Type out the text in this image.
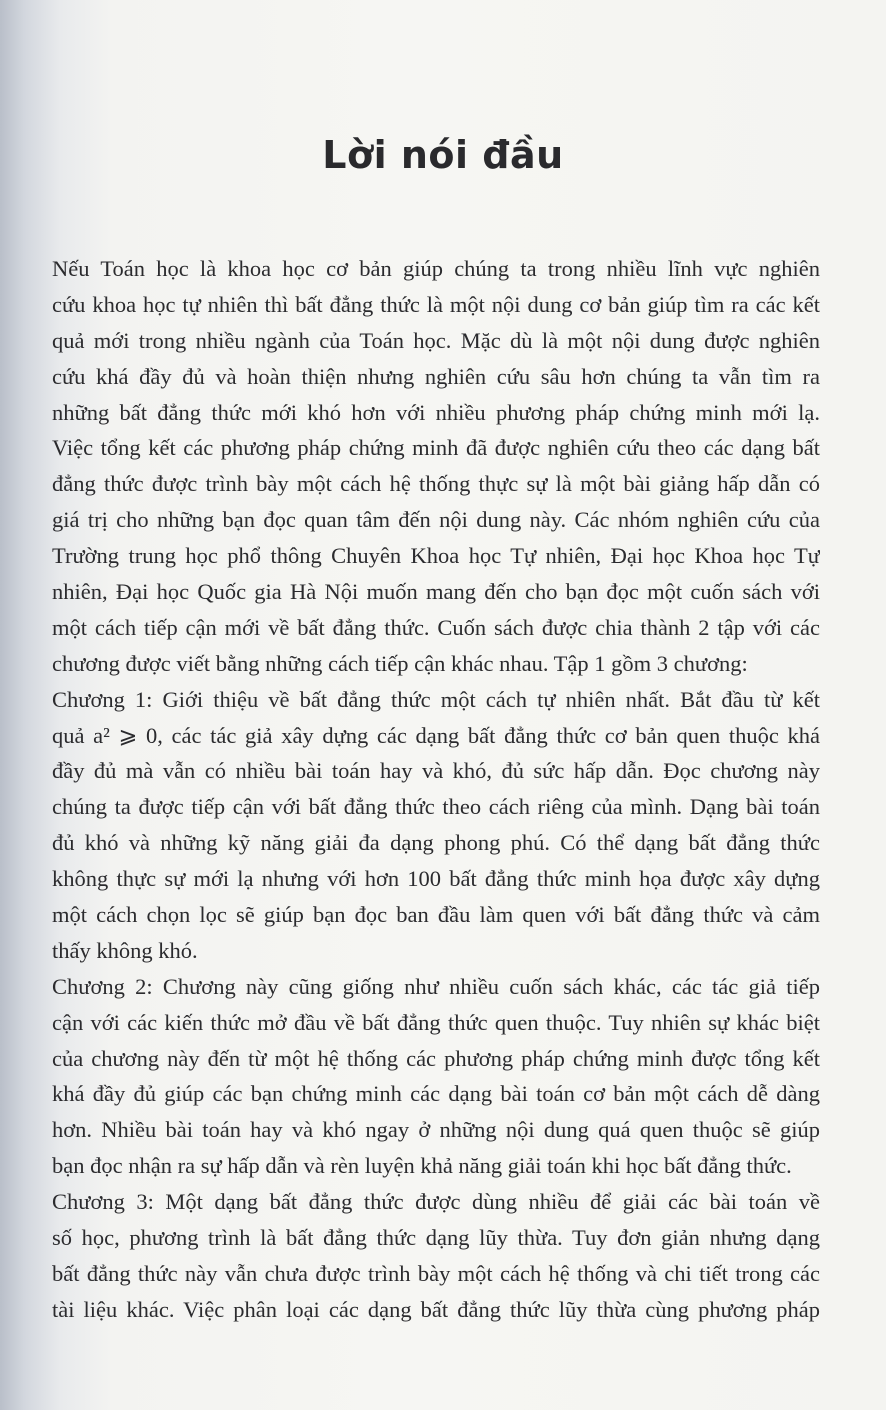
Lời nói đầu
Nếu Toán học là khoa học cơ bản giúp chúng ta trong nhiều lĩnh vực nghiên
cứu khoa học tự nhiên thì bất đẳng thức là một nội dung cơ bản giúp tìm ra các kết
quả mới trong nhiều ngành của Toán học. Mặc dù là một nội dung được nghiên
cứu khá đầy đủ và hoàn thiện nhưng nghiên cứu sâu hơn chúng ta vẫn tìm ra
những bất đẳng thức mới khó hơn với nhiều phương pháp chứng minh mới lạ.
Việc tổng kết các phương pháp chứng minh đã được nghiên cứu theo các dạng bất
đẳng thức được trình bày một cách hệ thống thực sự là một bài giảng hấp dẫn có
giá trị cho những bạn đọc quan tâm đến nội dung này. Các nhóm nghiên cứu của
Trường trung học phổ thông Chuyên Khoa học Tự nhiên, Đại học Khoa học Tự
nhiên, Đại học Quốc gia Hà Nội muốn mang đến cho bạn đọc một cuốn sách với
một cách tiếp cận mới về bất đẳng thức. Cuốn sách được chia thành 2 tập với các
chương được viết bằng những cách tiếp cận khác nhau. Tập 1 gồm 3 chương:
Chương 1: Giới thiệu về bất đẳng thức một cách tự nhiên nhất. Bắt đầu từ kết
quả a² ⩾ 0, các tác giả xây dựng các dạng bất đẳng thức cơ bản quen thuộc khá
đầy đủ mà vẫn có nhiều bài toán hay và khó, đủ sức hấp dẫn. Đọc chương này
chúng ta được tiếp cận với bất đẳng thức theo cách riêng của mình. Dạng bài toán
đủ khó và những kỹ năng giải đa dạng phong phú. Có thể dạng bất đẳng thức
không thực sự mới lạ nhưng với hơn 100 bất đẳng thức minh họa được xây dựng
một cách chọn lọc sẽ giúp bạn đọc ban đầu làm quen với bất đẳng thức và cảm
thấy không khó.
Chương 2: Chương này cũng giống như nhiều cuốn sách khác, các tác giả tiếp
cận với các kiến thức mở đầu về bất đẳng thức quen thuộc. Tuy nhiên sự khác biệt
của chương này đến từ một hệ thống các phương pháp chứng minh được tổng kết
khá đầy đủ giúp các bạn chứng minh các dạng bài toán cơ bản một cách dễ dàng
hơn. Nhiều bài toán hay và khó ngay ở những nội dung quá quen thuộc sẽ giúp
bạn đọc nhận ra sự hấp dẫn và rèn luyện khả năng giải toán khi học bất đẳng thức.
Chương 3: Một dạng bất đẳng thức được dùng nhiều để giải các bài toán về
số học, phương trình là bất đẳng thức dạng lũy thừa. Tuy đơn giản nhưng dạng
bất đẳng thức này vẫn chưa được trình bày một cách hệ thống và chi tiết trong các
tài liệu khác. Việc phân loại các dạng bất đẳng thức lũy thừa cùng phương pháp
